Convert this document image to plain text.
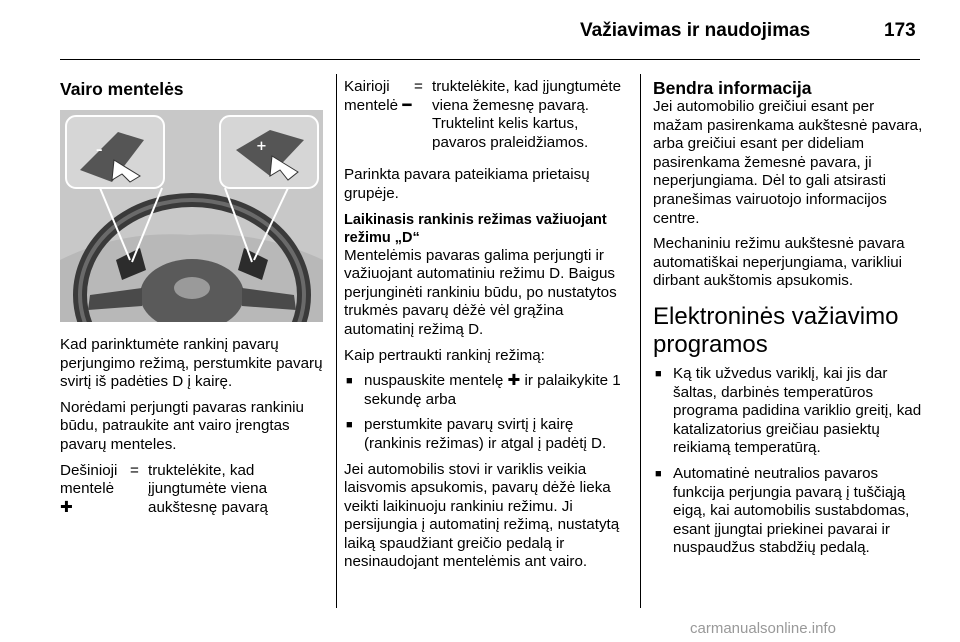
Važiavimas ir naudojimas	173
Vairo mentelės
–	+

Kad parinktumėte rankinį pavarų perjungimo režimą, perstumkite pavarų svirtį iš padėties D į kairę.

Norėdami perjungti pavaras rankiniu būdu, patraukite ant vairo įrengtas pavarų menteles.

Dešinioji mentelė ✚
= truktelėkite, kad įjungtumėte viena aukštesnę pavarą
Kairioji mentelė ━
= truktelėkite, kad įjungtumėte viena žemesnę pavarą. Truktelint kelis kartus, pavaros praleidžiamos.

Parinkta pavara pateikiama prietaisų grupėje.

Laikinasis rankinis režimas važiuojant režimu „D“

Mentelėmis pavaras galima perjungti ir važiuojant automatiniu režimu D. Baigus perjunginėti rankiniu būdu, po nustatytos trukmės pavarų dėžė vėl grąžina automatinį režimą D.

Kaip pertraukti rankinį režimą:

■ nuspauskite mentelę ✚ ir palaikykite 1 sekundę arba
■ perstumkite pavarų svirtį į kairę (rankinis režimas) ir atgal į padėtį D.

Jei automobilis stovi ir variklis veikia laisvomis apsukomis, pavarų dėžė lieka veikti laikinuoju rankiniu režimu. Ji persijungia į automatinį režimą, nustatytą laiką spaudžiant greičio pedalą ir nesinaudojant mentelėmis ant vairo.

Bendra informacija

Jei automobilio greičiui esant per mažam pasirenkama aukštesnė pavara, arba greičiui esant per dideliam pasirenkama žemesnė pavara, ji neperjungiama. Dėl to gali atsirasti pranešimas vairuotojo informacijos centre.

Mechaniniu režimu aukštesnė pavara automatiškai neperjungiama, varikliui dirbant aukštomis apsukomis.

Elektroninės važiavimo programos
■ Ką tik užvedus variklį, kai jis dar šaltas, darbinės temperatūros programa padidina variklio greitį, kad katalizatorius greičiau pasiektų reikiamą temperatūrą.
■ Automatinė neutralios pavaros funkcija perjungia pavarą į tuščiąją eigą, kai automobilis sustabdomas, esant įjungtai priekinei pavarai ir nuspaudžus stabdžių pedalą.
carmanualsonline.info
